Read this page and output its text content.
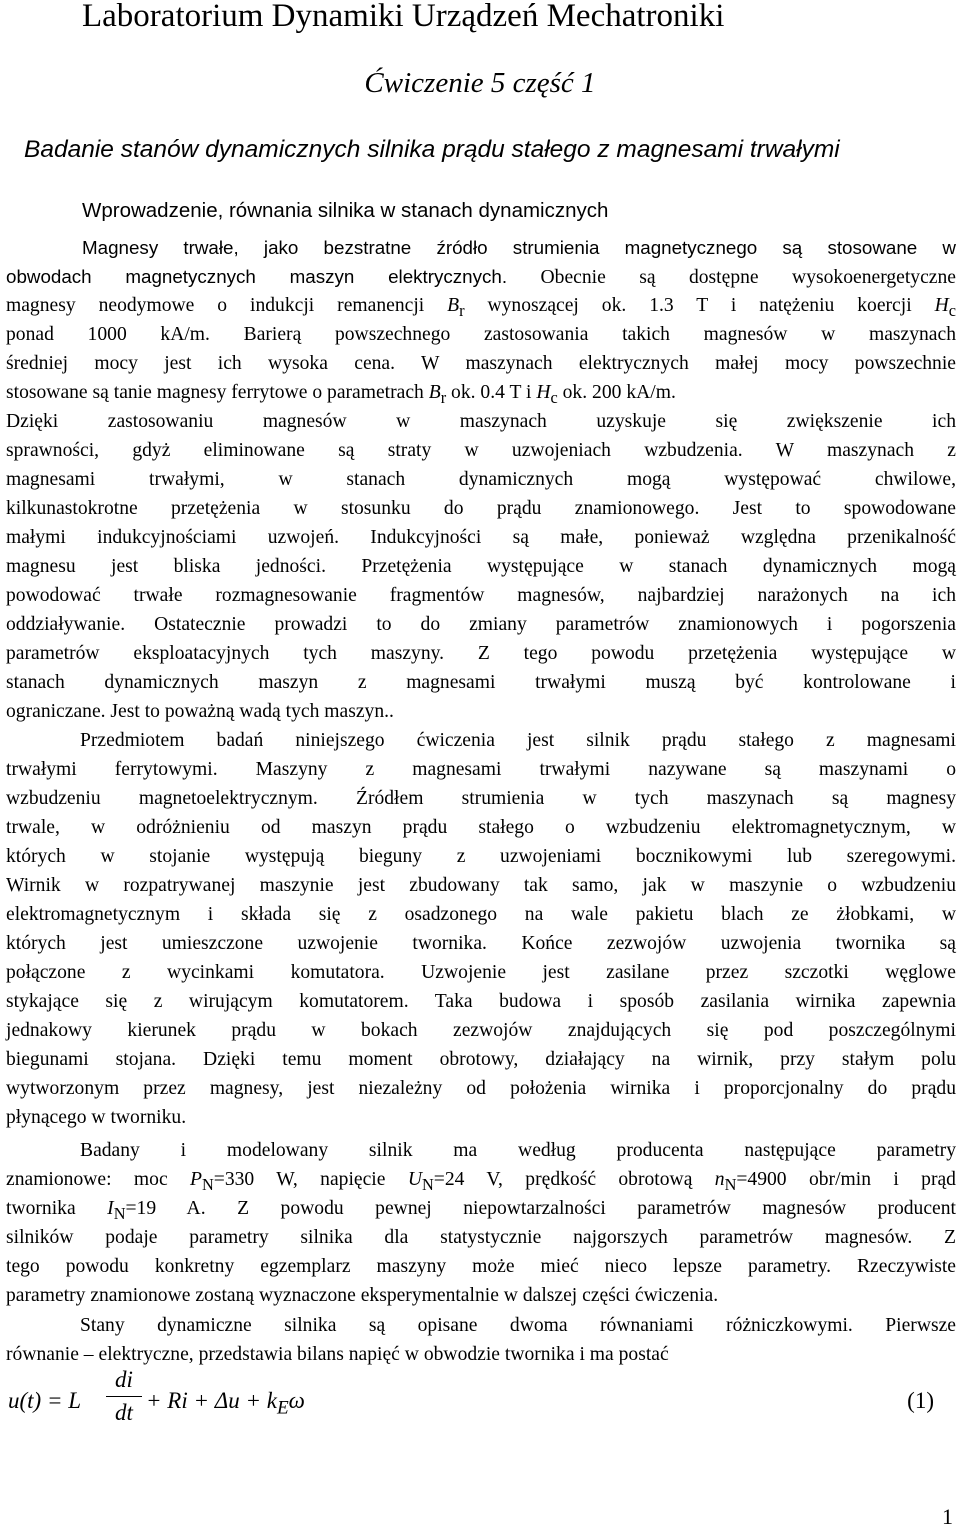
Laboratorium Dynamiki Urządzeń Mechatroniki
Ćwiczenie 5 część 1
Badanie stanów dynamicznych silnika prądu stałego z magnesami trwałymi
Wprowadzenie, równania silnika w stanach dynamicznych
Magnesy trwałe, jako bezstratne źródło strumienia magnetycznego są stosowane w
obwodach magnetycznych maszyn elektrycznych. Obecnie są dostępne wysokoenergetyczne
magnesy neodymowe o indukcji remanencji $B_r$ wynoszącej ok. 1.3 T i natężeniu koercji $H_c$
ponad 1000 kA/m. Barierą powszechnego zastosowania takich magnesów w maszynach
średniej mocy jest ich wysoka cena. W maszynach elektrycznych małej mocy powszechnie
stosowane są tanie magnesy ferrytowe o parametrach $B_r$ ok. 0.4 T i $H_c$ ok. 200 kA/m.
Dzięki zastosowaniu magnesów w maszynach uzyskuje się zwiększenie ich
sprawności, gdyż eliminowane są straty w uzwojeniach wzbudzenia. W maszynach z
magnesami trwałymi, w stanach dynamicznych mogą występować chwilowe,
kilkunastokrotne przetężenia w stosunku do prądu znamionowego. Jest to spowodowane
małymi indukcyjnościami uzwojeń. Indukcyjności są małe, ponieważ względna przenikalność
magnesu jest bliska jedności. Przetężenia występujące w stanach dynamicznych mogą
powodować trwałe rozmagnesowanie fragmentów magnesów, najbardziej narażonych na ich
oddziaływanie. Ostatecznie prowadzi to do zmiany parametrów znamionowych i pogorszenia
parametrów eksploatacyjnych tych maszyny. Z tego powodu przetężenia występujące w
stanach dynamicznych maszyn z magnesami trwałymi muszą być kontrolowane i
ograniczane. Jest to poważną wadą tych maszyn..
Przedmiotem badań niniejszego ćwiczenia jest silnik prądu stałego z magnesami
trwałymi ferrytowymi. Maszyny z magnesami trwałymi nazywane są maszynami o
wzbudzeniu magnetoelektrycznym. Źródłem strumienia w tych maszynach są magnesy
trwale, w odróżnieniu od maszyn prądu stałego o wzbudzeniu elektromagnetycznym, w
których w stojanie występują bieguny z uzwojeniami bocznikowymi lub szeregowymi.
Wirnik w rozpatrywanej maszynie jest zbudowany tak samo, jak w maszynie o wzbudzeniu
elektromagnetycznym i składa się z osadzonego na wale pakietu blach ze żłobkami, w
których jest umieszczone uzwojenie twornika. Końce zezwojów uzwojenia twornika są
połączone z wycinkami komutatora. Uzwojenie jest zasilane przez szczotki węglowe
stykające się z wirującym komutatorem. Taka budowa i sposób zasilania wirnika zapewnia
jednakowy kierunek prądu w bokach zezwojów znajdujących się pod poszczególnymi
biegunami stojana. Dzięki temu moment obrotowy, działający na wirnik, przy stałym polu
wytworzonym przez magnesy, jest niezależny od położenia wirnika i proporcjonalny do prądu
płynącego w tworniku.
Badany i modelowany silnik ma według producenta następujące parametry
znamionowe: moc $P_N=330$ W, napięcie $U_N=24$ V, prędkość obrotową $n_N=4900$ obr/min i prąd
twornika $I_N=19$ A. Z powodu pewnej niepowtarzalności parametrów magnesów producent
silników podaje parametry silnika dla statystycznie najgorszych parametrów magnesów. Z
tego powodu konkretny egzemplarz maszyny może mieć nieco lepsze parametry. Rzeczywiste
parametry znamionowe zostaną wyznaczone eksperymentalnie w dalszej części ćwiczenia.
Stany dynamiczne silnika są opisane dwoma równaniami różniczkowymi. Pierwsze
równanie – elektryczne, przedstawia bilans napięć w obwodzie twornika i ma postać
u(t) = L
di
dt + $Ri + \Delta u + k_E\omega$	(1)
1
